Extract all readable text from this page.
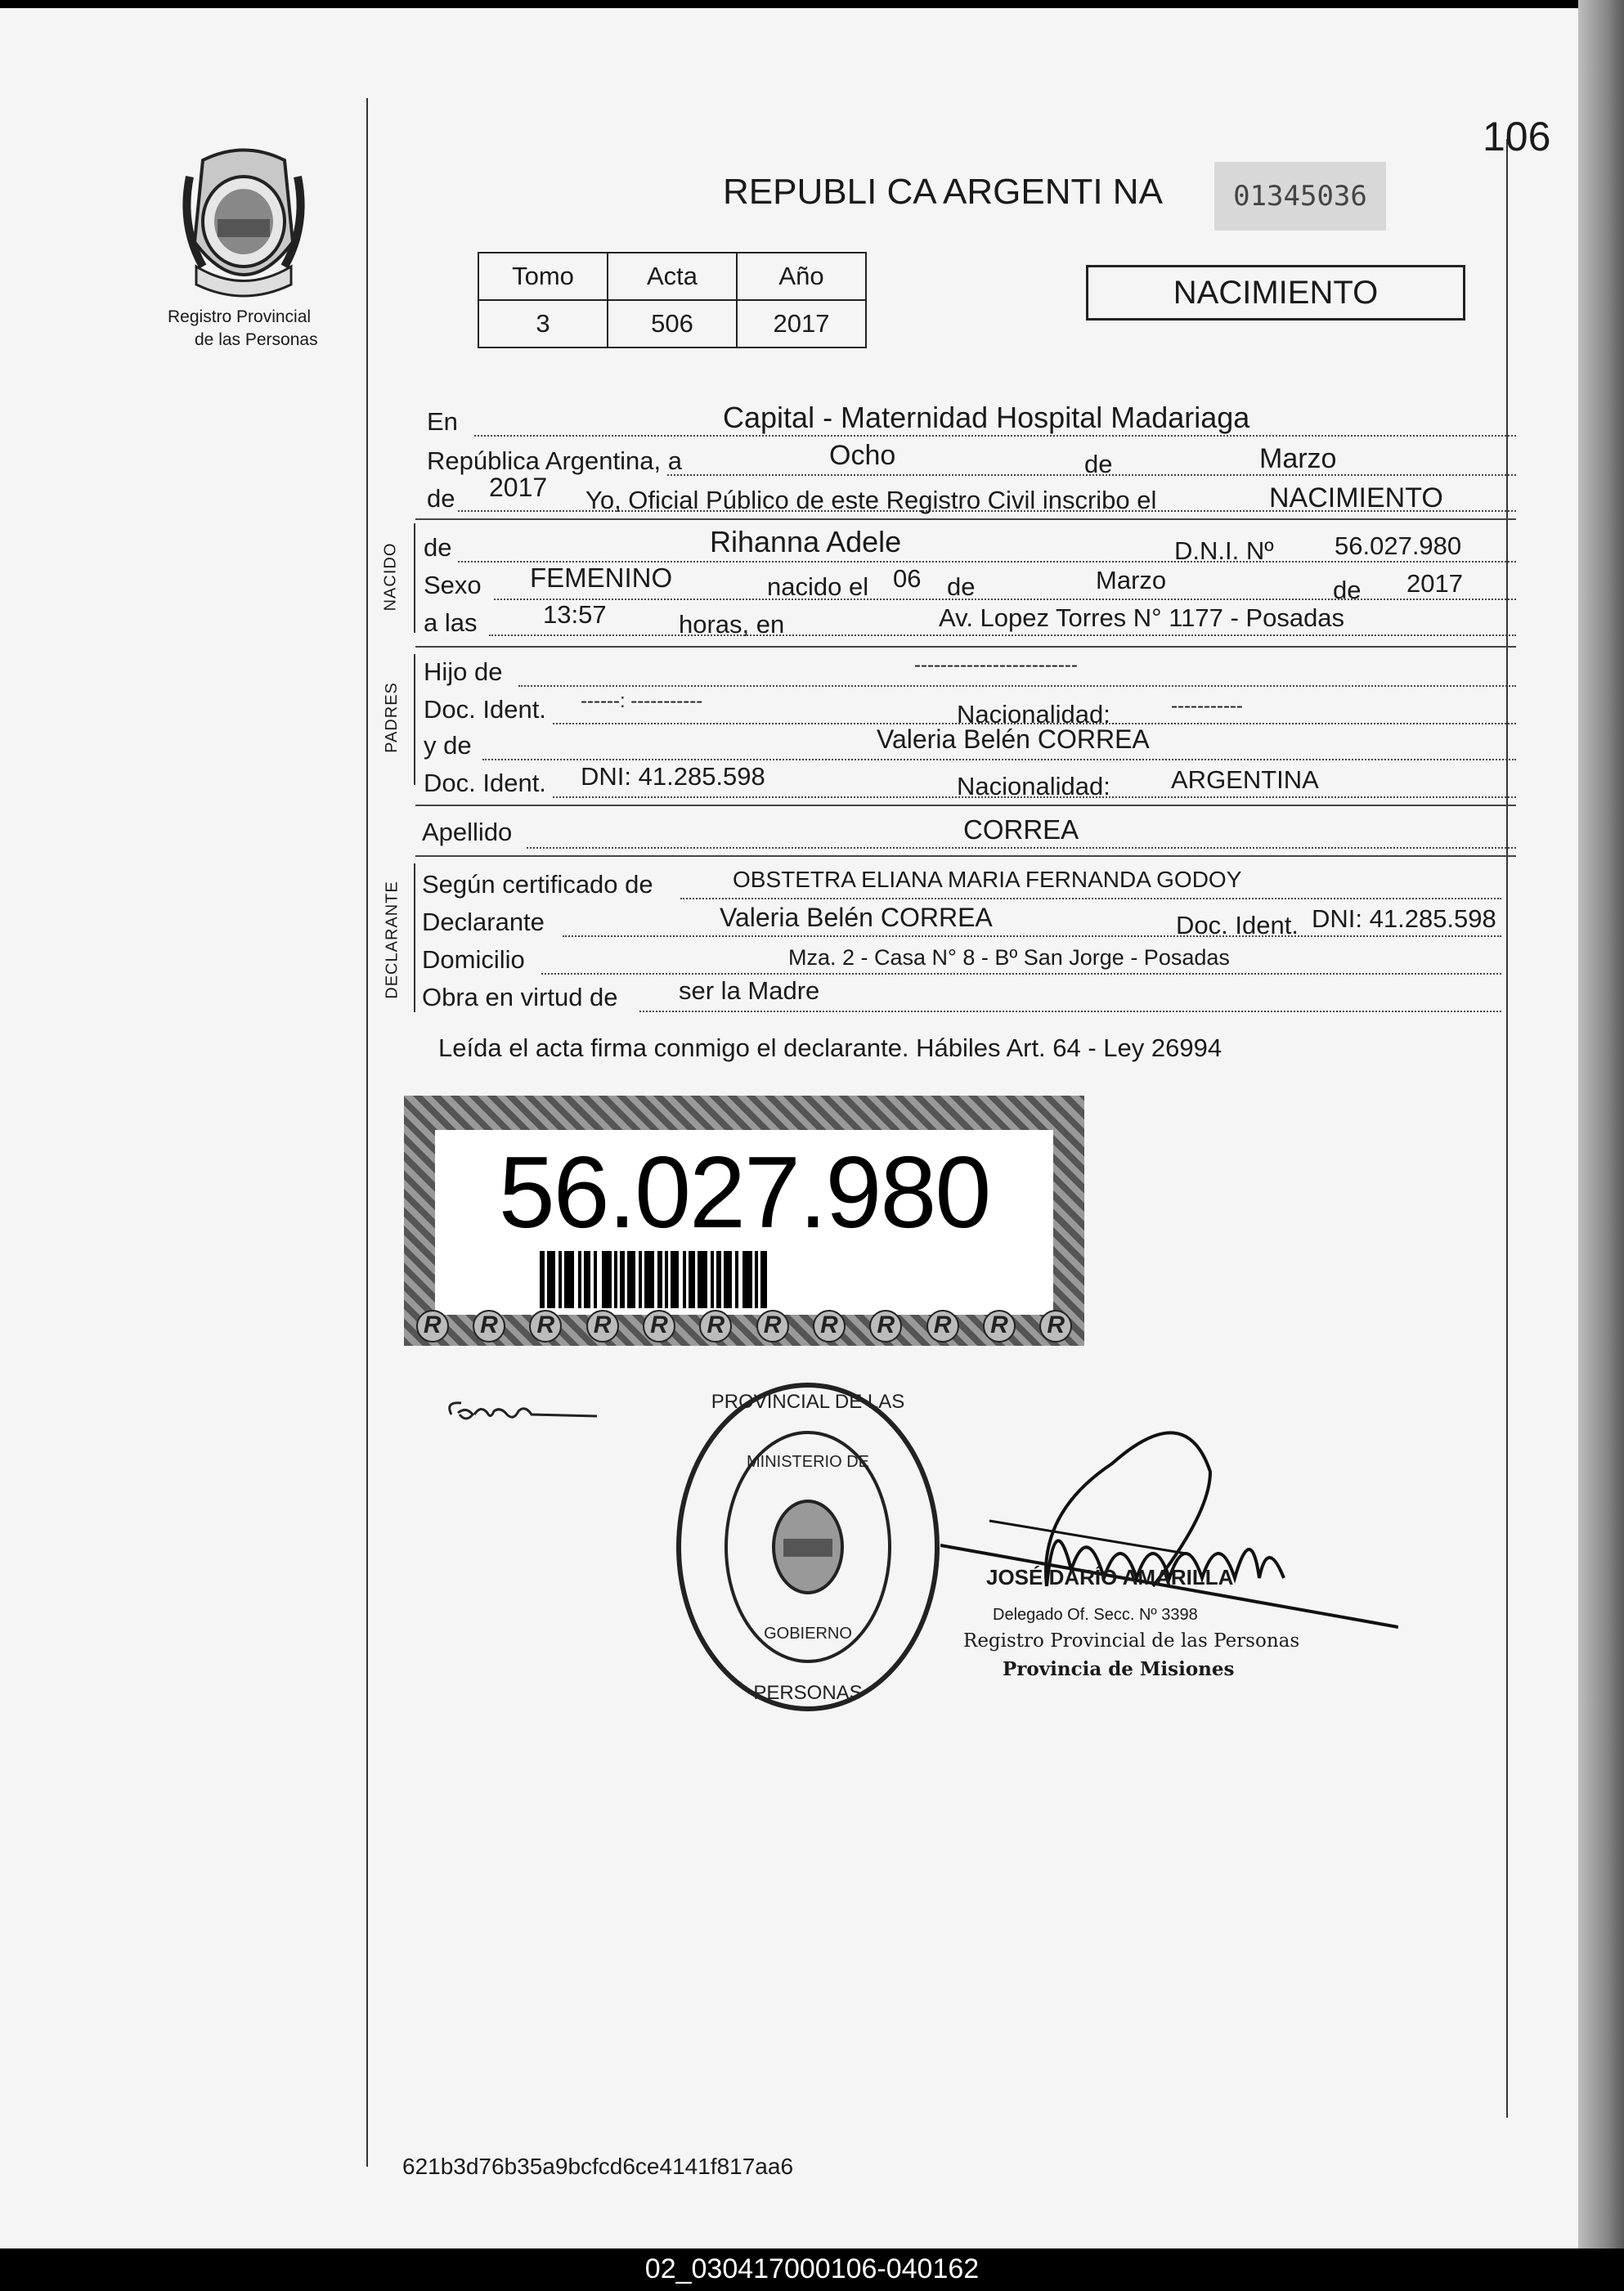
106
Registro Provincial
de las Personas
REPUBLI CA ARGENTI NA	01345036
Tomo	Acta	Año
3	506	2017
NACIMIENTO
En	Capital - Maternidad Hospital Madariaga
República Argentina, a	Ocho	de	Marzo
de 2017 Yo, Oficial Público de este Registro Civil inscribo el	NACIMIENTO
NACIDO de	Rihanna Adele	D.N.I. Nº 56.027.980
Sexo FEMENINO	nacido el 06 de	Marzo	de 2017
a las	13:57	horas, en	Av. Lopez Torres N° 1177 - Posadas
PADRES
Hijo de	-------------------------
Doc. Ident. ------: -----------	Nacionalidad:	-----------
y de	Valeria Belén CORREA
Doc. Ident. DNI: 41.285.598	Nacionalidad: ARGENTINA
Apellido	CORREA
DECLARANTE Según certificado de	OBSTETRA ELIANA MARIA FERNANDA GODOY
Declarante	Valeria Belén CORREA	Doc. Ident. DNI: 41.285.598
Domicilio	Mza. 2 - Casa N° 8 - Bº San Jorge - Posadas
Obra en virtud de ser la Madre
Leída el acta firma conmigo el declarante. Hábiles Art. 64 - Ley 26994
56.027.980
R	R	R	R	R	R	R	R	R	R	R	R
PROVINCIAL DE LAS
PERSONAS
MINISTERIO DE
GOBIERNO
JOSÉ DARÍO AMARILLA
Delegado Of. Secc. Nº 3398
Registro Provincial de las Personas
Provincia de Misiones
621b3d76b35a9bcfcd6ce4141f817aa6
02_030417000106-040162
